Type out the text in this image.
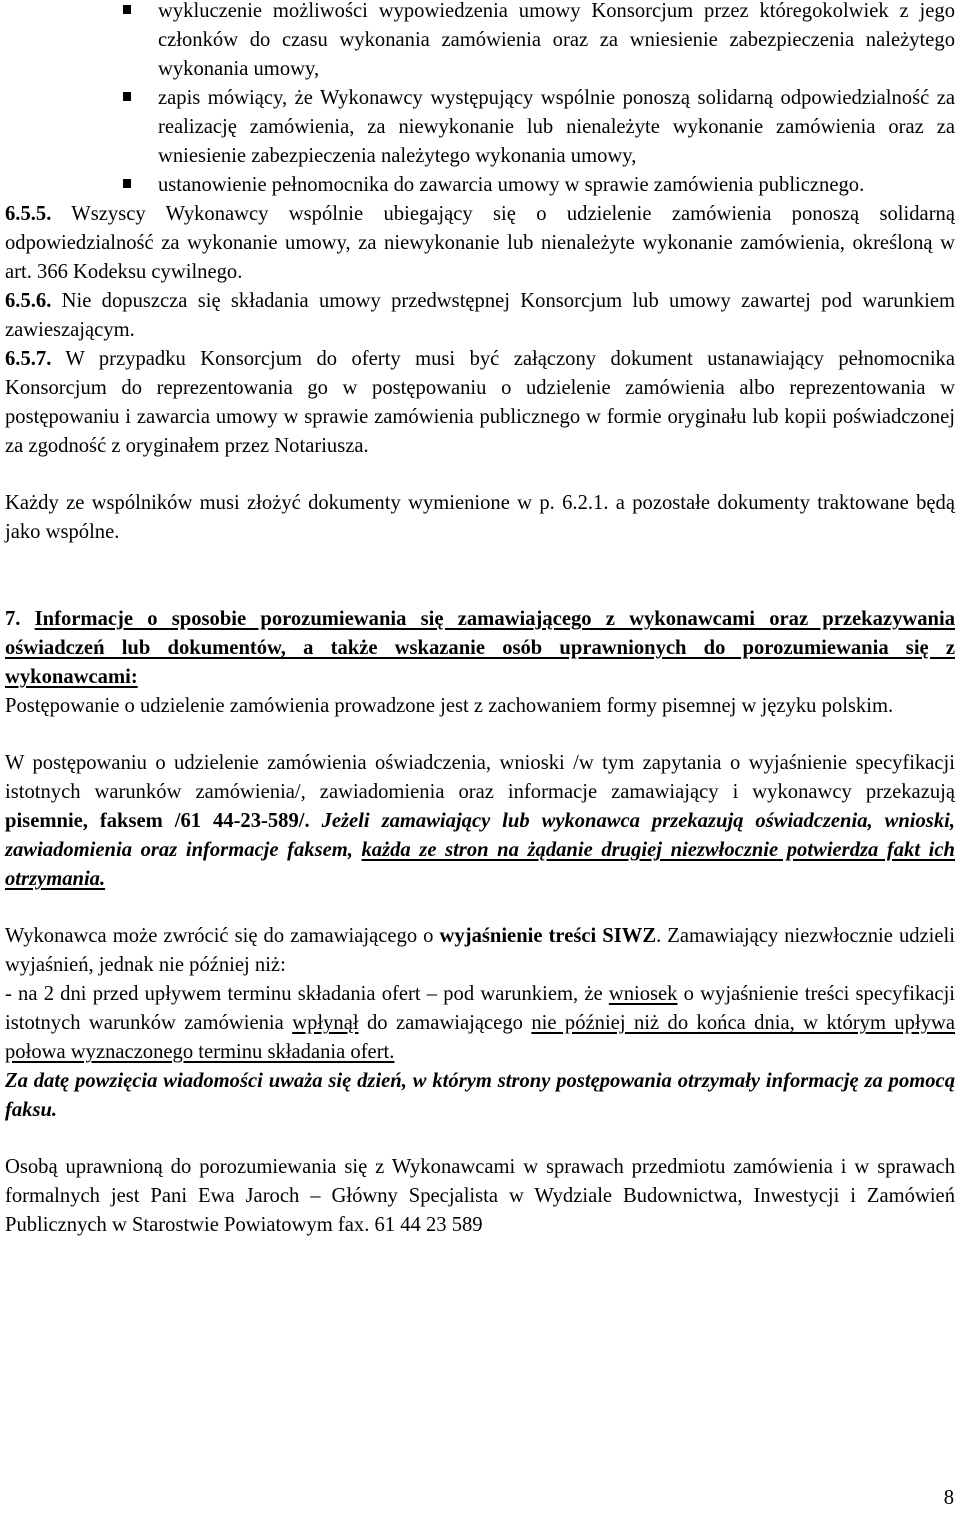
wykluczenie możliwości wypowiedzenia umowy Konsorcjum przez któregokolwiek z jego członków do czasu wykonania zamówienia oraz za wniesienie zabezpieczenia należytego wykonania umowy,
zapis mówiący, że Wykonawcy występujący wspólnie ponoszą solidarną odpowiedzialność za realizację zamówienia, za niewykonanie lub nienależyte wykonanie zamówienia oraz za wniesienie zabezpieczenia należytego wykonania umowy,
ustanowienie pełnomocnika do zawarcia umowy w sprawie zamówienia publicznego.

6.5.5. Wszyscy Wykonawcy wspólnie ubiegający się o udzielenie zamówienia ponoszą solidarną odpowiedzialność za wykonanie umowy, za niewykonanie lub nienależyte wykonanie zamówienia, określoną w art. 366 Kodeksu cywilnego.

6.5.6. Nie dopuszcza się składania umowy przedwstępnej Konsorcjum lub umowy zawartej pod warunkiem zawieszającym.

6.5.7. W przypadku Konsorcjum do oferty musi być załączony dokument ustanawiający pełnomocnika Konsorcjum do reprezentowania go w postępowaniu o udzielenie zamówienia albo reprezentowania w postępowaniu i zawarcia umowy w sprawie zamówienia publicznego w formie oryginału lub kopii poświadczonej za zgodność z oryginałem przez Notariusza.

Każdy ze wspólników musi złożyć dokumenty wymienione w p. 6.2.1. a pozostałe dokumenty traktowane będą jako wspólne.

7. Informacje o sposobie porozumiewania się zamawiającego z wykonawcami oraz przekazywania oświadczeń lub dokumentów, a także wskazanie osób uprawnionych do porozumiewania się z wykonawcami:

Postępowanie o udzielenie zamówienia prowadzone jest z zachowaniem formy pisemnej w języku polskim.

W postępowaniu o udzielenie zamówienia oświadczenia, wnioski /w tym zapytania o wyjaśnienie specyfikacji istotnych warunków zamówienia/, zawiadomienia oraz informacje zamawiający i wykonawcy przekazują pisemnie, faksem /61 44-23-589/. Jeżeli zamawiający lub wykonawca przekazują oświadczenia, wnioski, zawiadomienia oraz informacje faksem, każda ze stron na żądanie drugiej niezwłocznie potwierdza fakt ich otrzymania.

Wykonawca może zwrócić się do zamawiającego o wyjaśnienie treści SIWZ. Zamawiający niezwłocznie udzieli wyjaśnień, jednak nie później niż:
- na 2 dni przed upływem terminu składania ofert – pod warunkiem, że wniosek o wyjaśnienie treści specyfikacji istotnych warunków zamówienia wpłynął do zamawiającego nie później niż do końca dnia, w którym upływa połowa wyznaczonego terminu składania ofert.
Za datę powzięcia wiadomości uważa się dzień, w którym strony postępowania otrzymały informację za pomocą faksu.

Osobą uprawnioną do porozumiewania się z Wykonawcami w sprawach przedmiotu zamówienia i w sprawach formalnych jest Pani Ewa Jaroch – Główny Specjalista w Wydziale Budownictwa, Inwestycji i Zamówień Publicznych w Starostwie Powiatowym fax. 61 44 23 589

8
